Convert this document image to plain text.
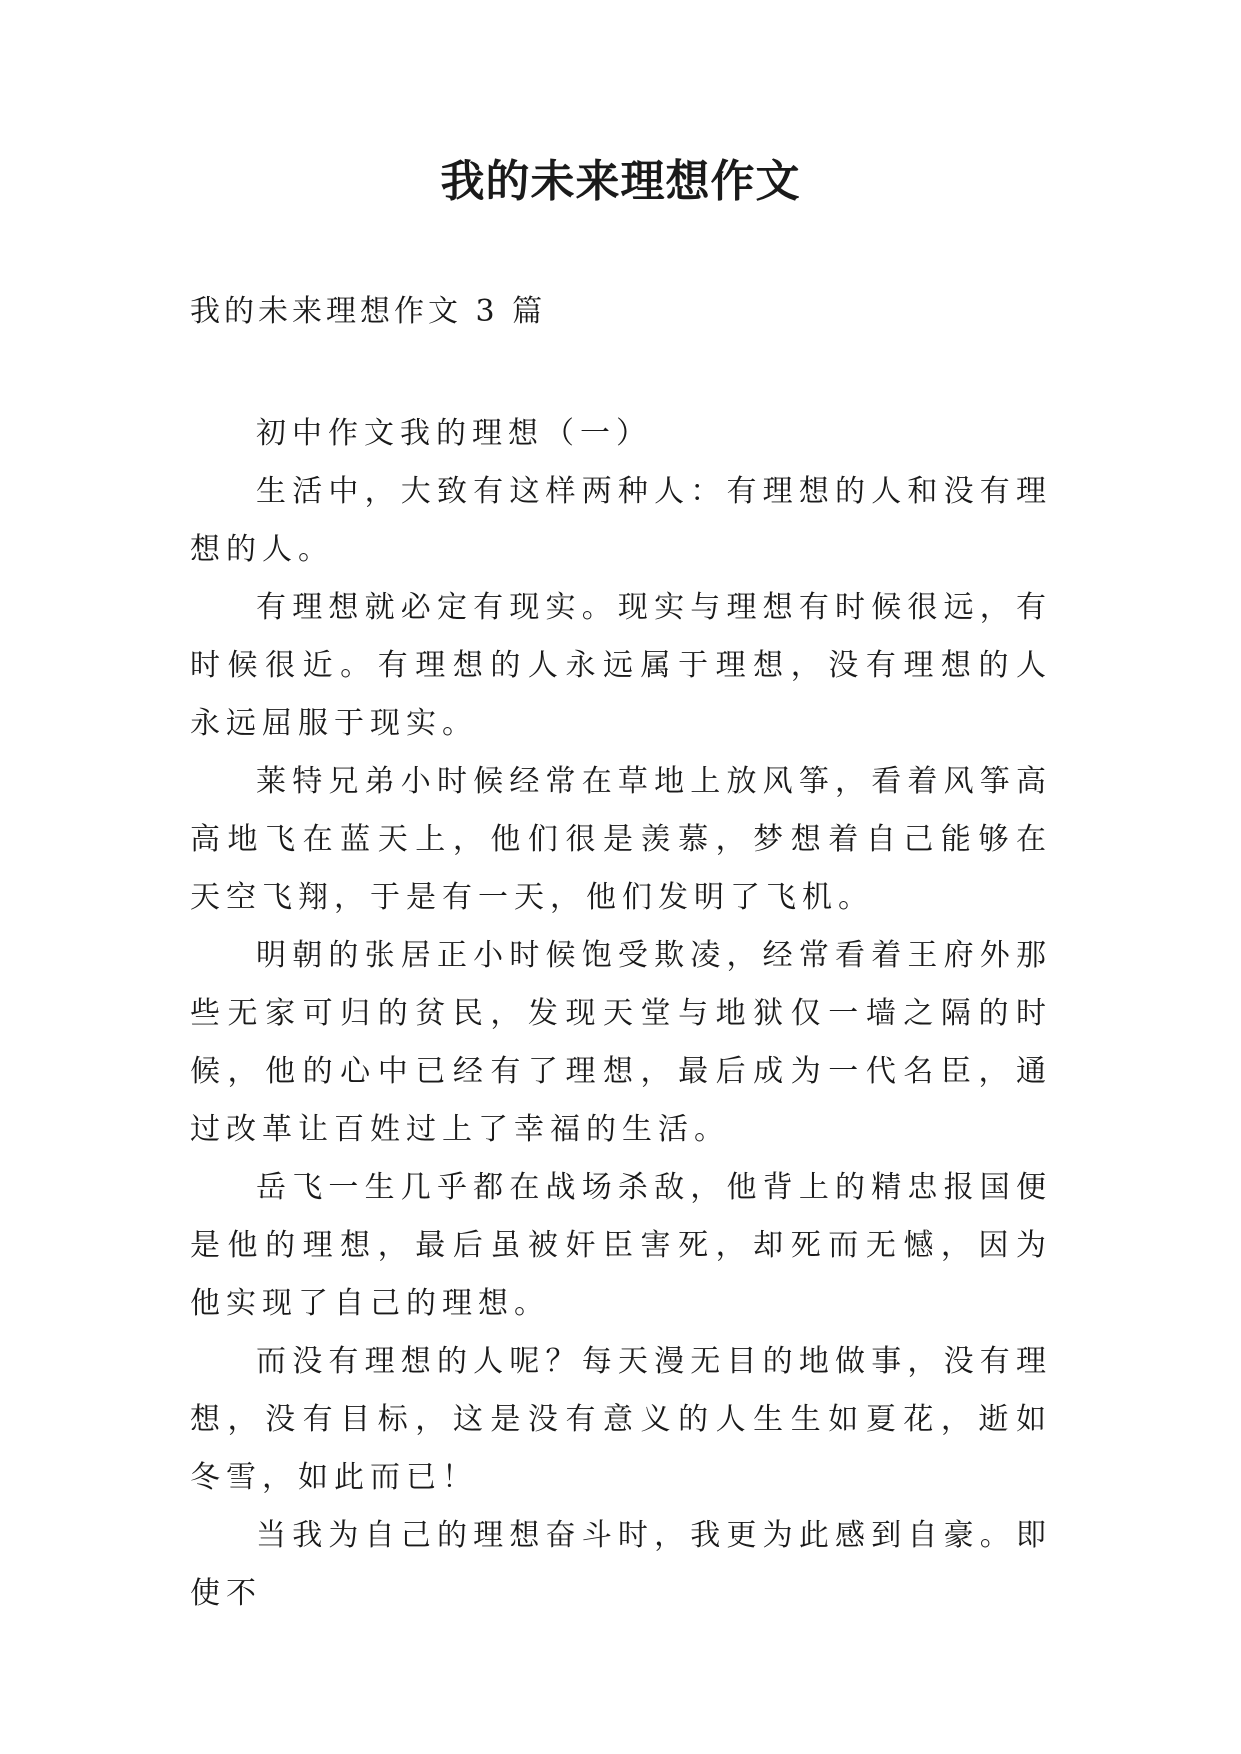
我的未来理想作文

我的未来理想作文 3 篇

初中作文我的理想（一）

生活中，大致有这样两种人：有理想的人和没有理想的人。

有理想就必定有现实。现实与理想有时候很远，有时候很近。有理想的人永远属于理想，没有理想的人永远屈服于现实。

莱特兄弟小时候经常在草地上放风筝，看着风筝高高地飞在蓝天上，他们很是羡慕，梦想着自己能够在天空飞翔，于是有一天，他们发明了飞机。

明朝的张居正小时候饱受欺凌，经常看着王府外那些无家可归的贫民，发现天堂与地狱仅一墙之隔的时候，他的心中已经有了理想，最后成为一代名臣，通过改革让百姓过上了幸福的生活。

岳飞一生几乎都在战场杀敌，他背上的精忠报国便是他的理想，最后虽被奸臣害死，却死而无憾，因为他实现了自己的理想。

而没有理想的人呢？每天漫无目的地做事，没有理想，没有目标，这是没有意义的人生生如夏花，逝如冬雪，如此而已！

当我为自己的理想奋斗时，我更为此感到自豪。即使不
